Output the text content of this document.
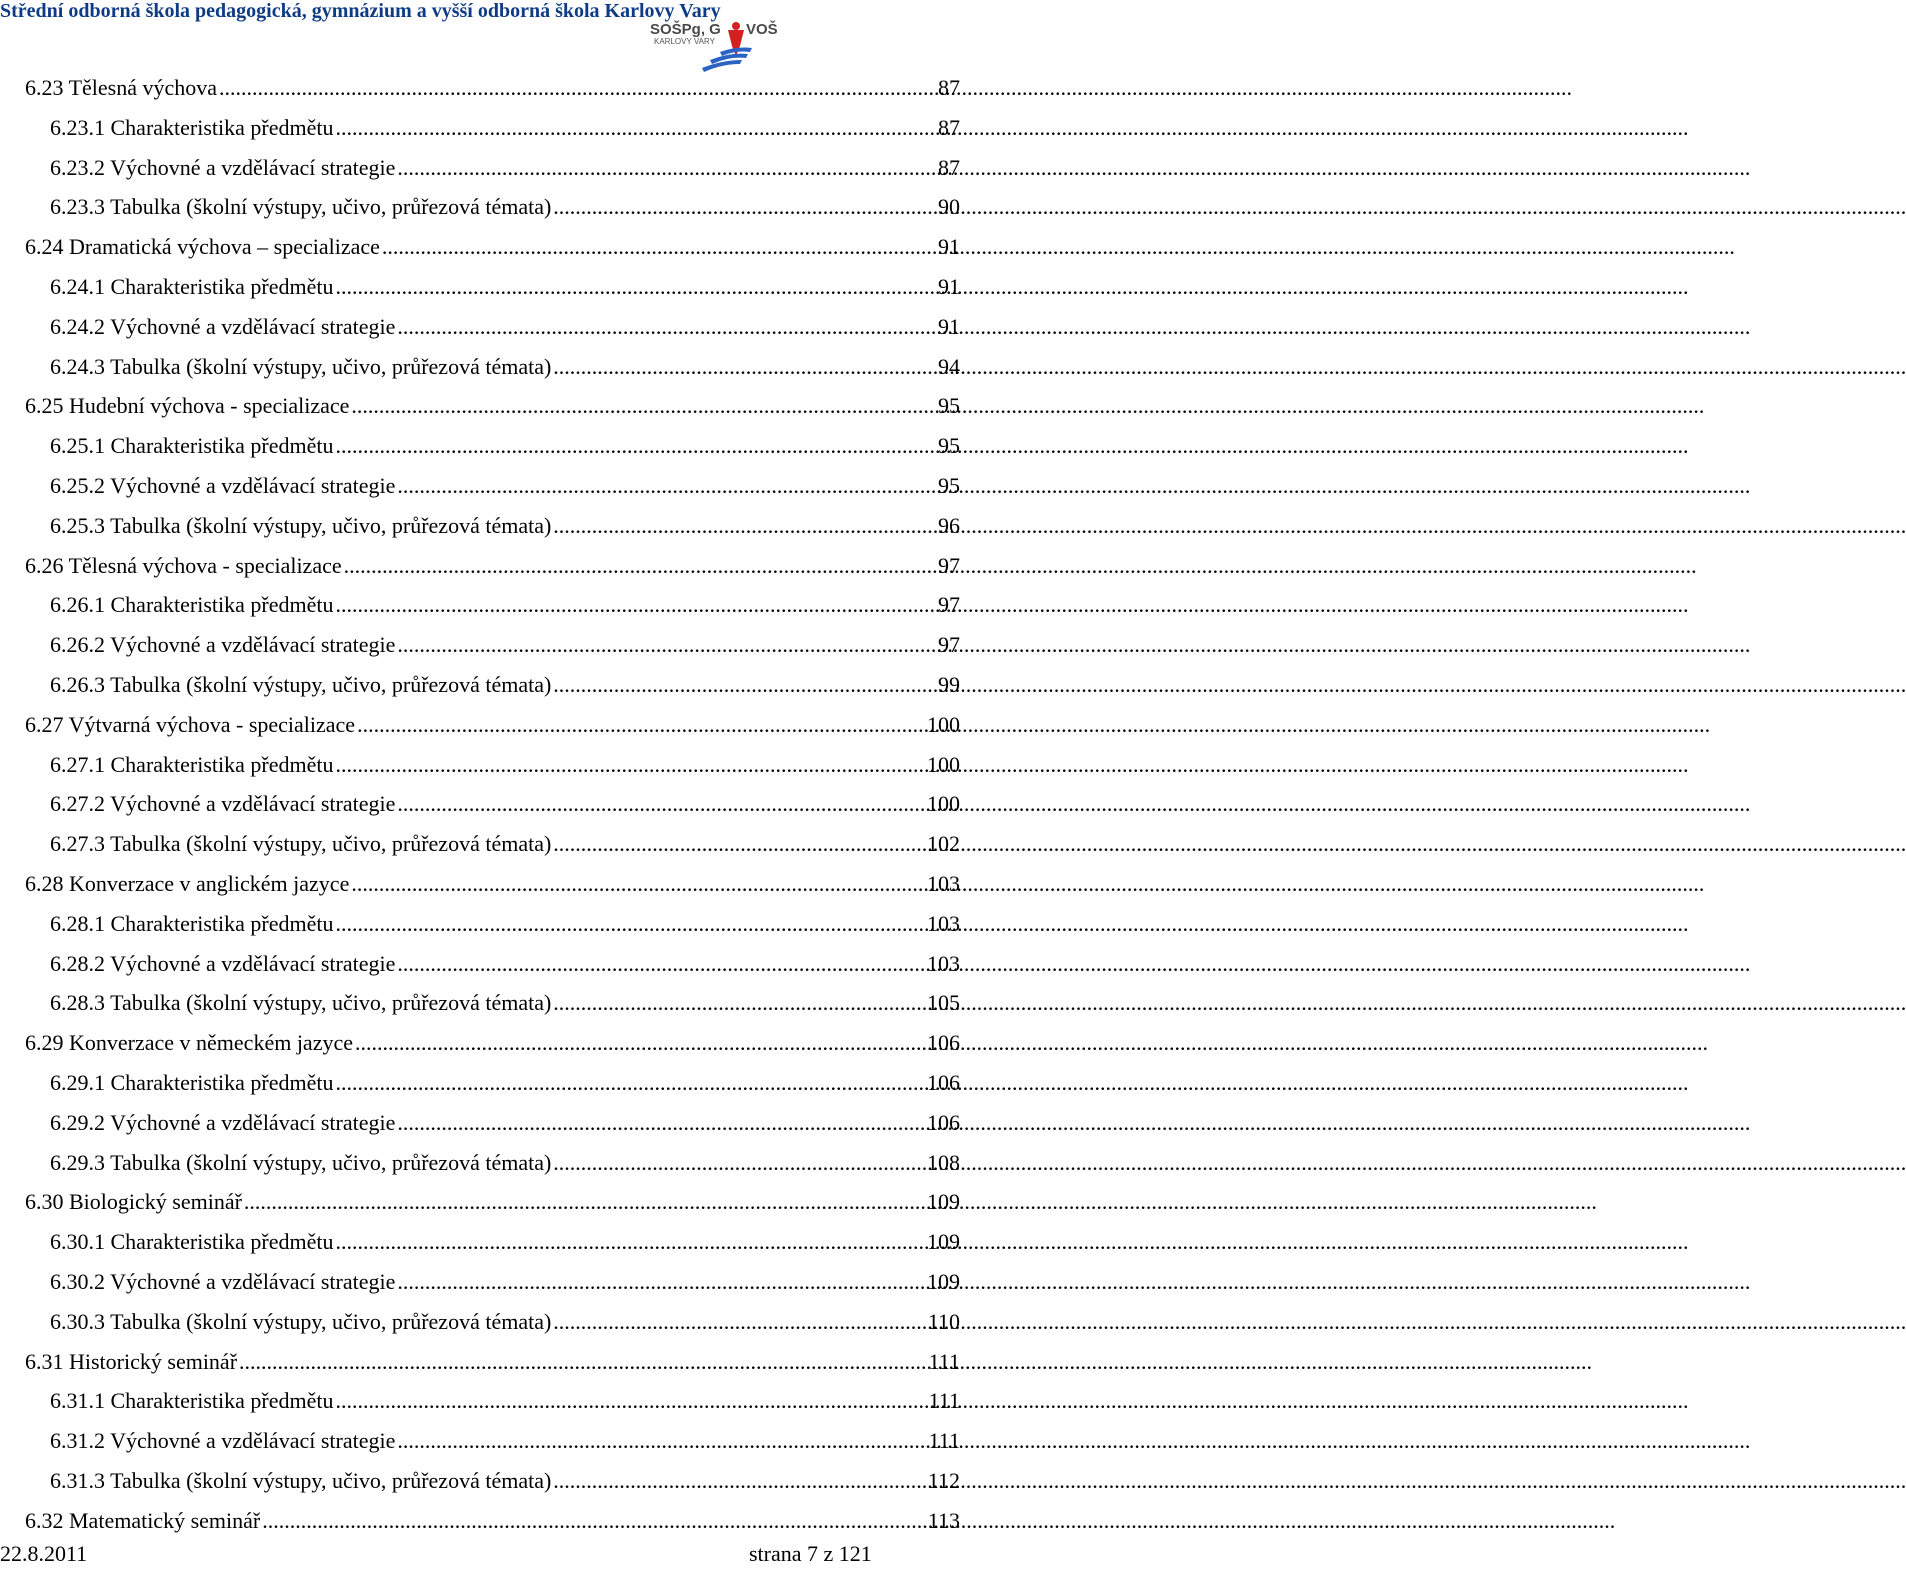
Střední odborná škola pedagogická, gymnázium a vyšší odborná škola Karlovy Vary
SOŠPg, G VOŠ
KARLOVY VARY
6.23 Tělesná výchova .....	87
6.23.1 Charakteristika předmětu .....	87
6.23.2 Výchovné a vzdělávací strategie .....	87
6.23.3 Tabulka (školní výstupy, učivo, průřezová témata) .....	90
6.24 Dramatická výchova – specializace .....	91
6.24.1 Charakteristika předmětu .....	91
6.24.2 Výchovné a vzdělávací strategie .....	91
6.24.3 Tabulka (školní výstupy, učivo, průřezová témata) .....	94
6.25 Hudební výchova - specializace .....	95
6.25.1 Charakteristika předmětu .....	95
6.25.2 Výchovné a vzdělávací strategie .....	95
6.25.3 Tabulka (školní výstupy, učivo, průřezová témata) .....	96
6.26 Tělesná výchova - specializace .....	97
6.26.1 Charakteristika předmětu .....	97
6.26.2 Výchovné a vzdělávací strategie .....	97
6.26.3 Tabulka (školní výstupy, učivo, průřezová témata) .....	99
6.27 Výtvarná výchova - specializace .....	100
6.27.1 Charakteristika předmětu .....	100
6.27.2 Výchovné a vzdělávací strategie .....	100
6.27.3 Tabulka (školní výstupy, učivo, průřezová témata) .....	102
6.28 Konverzace v anglickém jazyce .....	103
6.28.1 Charakteristika předmětu .....	103
6.28.2 Výchovné a vzdělávací strategie .....	103
6.28.3 Tabulka (školní výstupy, učivo, průřezová témata) .....	105
6.29 Konverzace v německém jazyce .....	106
6.29.1 Charakteristika předmětu .....	106
6.29.2 Výchovné a vzdělávací strategie .....	106
6.29.3 Tabulka (školní výstupy, učivo, průřezová témata) .....	108
6.30 Biologický seminář .....	109
6.30.1 Charakteristika předmětu .....	109
6.30.2 Výchovné a vzdělávací strategie .....	109
6.30.3 Tabulka (školní výstupy, učivo, průřezová témata) .....	110
6.31 Historický seminář .....	111
6.31.1 Charakteristika předmětu .....	111
6.31.2 Výchovné a vzdělávací strategie .....	111
6.31.3 Tabulka (školní výstupy, učivo, průřezová témata) .....	112
6.32 Matematický seminář .....	113
22.8.2011	strana 7 z 121
